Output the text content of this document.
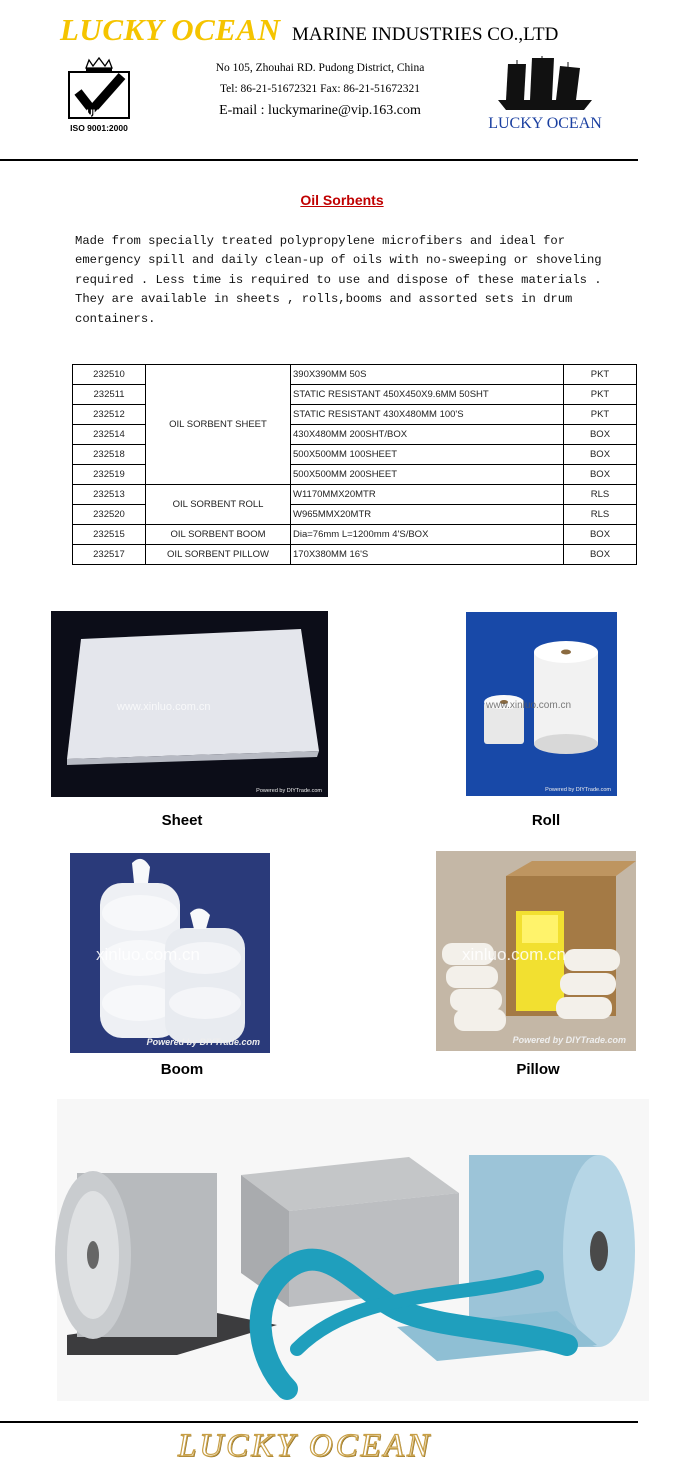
LUCKY OCEAN MARINE INDUSTRIES CO.,LTD
UKAS
ISO 9001:2000
No 105, Zhouhai RD. Pudong District, China
Tel: 86-21-51672321 Fax: 86-21-51672321
E-mail : luckymarine@vip.163.com
LUCKY OCEAN
Oil Sorbents
Made from specially treated polypropylene microfibers and ideal for
emergency spill and daily clean-up of oils with no-sweeping or shoveling
required . Less time is required to use and dispose of these materials .
They are available in sheets , rolls,booms and assorted sets in drum
containers.
232510	OIL SORBENT SHEET	390X390MM 50S	PKT
232511		STATIC RESISTANT 450X450X9.6MM 50SHT	PKT
232512		STATIC RESISTANT 430X480MM 100'S	PKT
232514		430X480MM 200SHT/BOX	BOX
232518		500X500MM 100SHEET	BOX
232519		500X500MM 200SHEET	BOX
232513	OIL SORBENT ROLL	W1170MMX20MTR	RLS
232520		W965MMX20MTR	RLS
232515	OIL SORBENT BOOM	Dia=76mm L=1200mm 4'S/BOX	BOX
232517	OIL SORBENT PILLOW	170X380MM 16'S	BOX
www.xinluo.com.cn
Powered by DIYTrade.com
Sheet
www.xinluo.com.cn
Powered by DIYTrade.com
Roll
xinluo.com.cn
Powered by DIYTrade.com
Boom
xinluo.com.cn
Powered by DIYTrade.com
Pillow
LUCKY OCEAN
